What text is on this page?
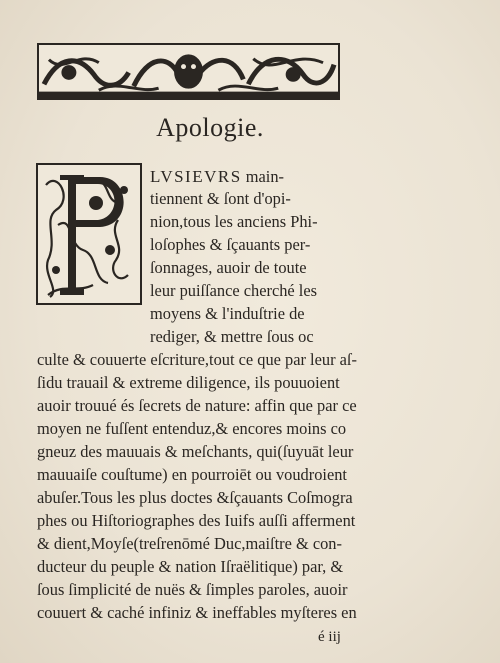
Apologie.
LVSIEVRS main-
tiennent & ſont d'opi-
nion,tous les anciens Phi-
loſophes & ſçauants per-
ſonnages, auoir de toute
leur puiſſance cherché les
moyens & l'induſtrie de
rediger, & mettre ſous oc
culte & couuerte eſcriture,tout ce que par leur aſ-
ſidu trauail & extreme diligence, ils pouuoient
auoir trouué és ſecrets de nature: affin que par ce
moyen ne fuſſent entenduz,& encores moins co
gneuz des mauuais & meſchants, qui(ſuyuāt leur
mauuaiſe couſtume) en pourroiēt ou voudroient
abuſer.Tous les plus doctes &ſçauants Coſmogra
phes ou Hiſtoriographes des Iuifs auſſi afferment
& dient,Moyſe(treſrenōmé Duc,maiſtre & con-
ducteur du peuple & nation Iſraëlitique) par, &
ſous ſimplicité de nuës & ſimples paroles, auoir
couuert & caché infiniz & ineffables myſteres en
é iij
